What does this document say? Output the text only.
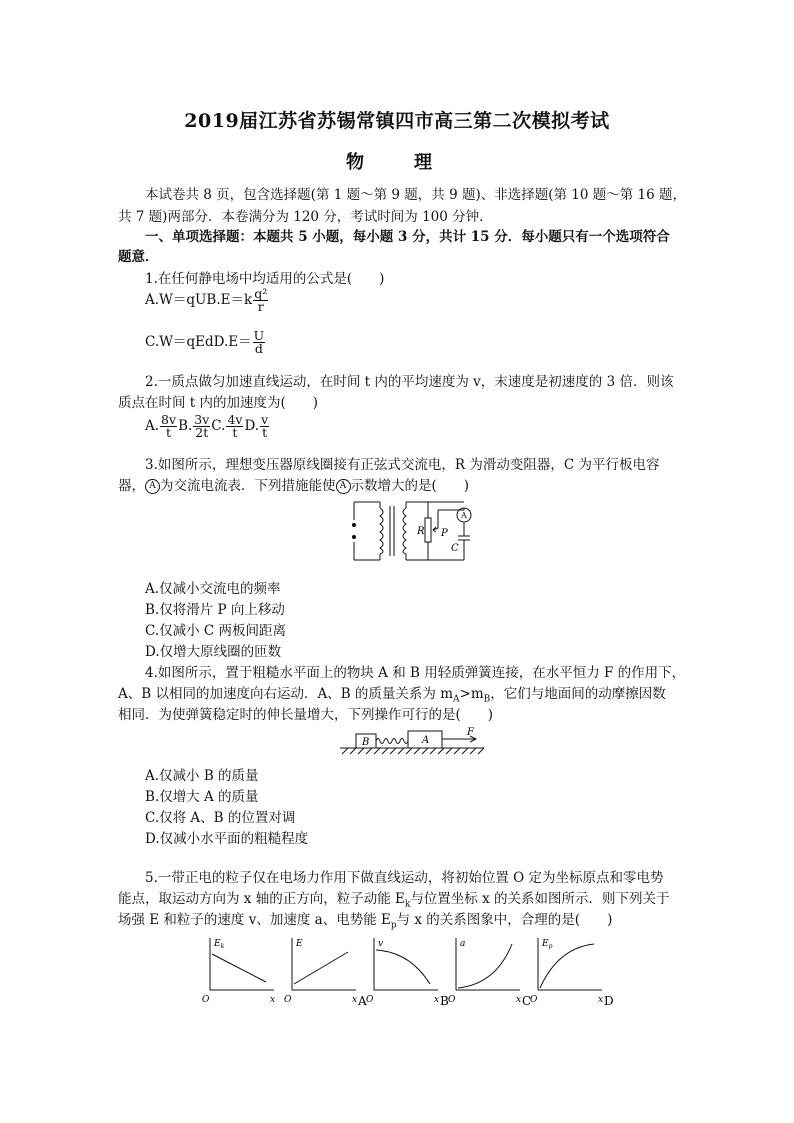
2019届江苏省苏锡常镇四市高三第二次模拟考试
物　理
本试卷共 8 页，包含选择题(第 1 题～第 9 题，共 9 题)、非选择题(第 10 题～第 16 题，
共 7 题)两部分．本卷满分为 120 分，考试时间为 100 分钟．
一、单项选择题：本题共 5 小题，每小题 3 分，共计 15 分．每小题只有一个选项符合
题意．
1.在任何静电场中均适用的公式是(　　)
$A.W=qUB.E=k \frac{\text{q²}}{r}$
C.W＝qEdD.E＝ $\frac{U}{d}$
2.一质点做匀加速直线运动，在时间 t 内的平均速度为 v，末速度是初速度的 3 倍．则该
质点在时间 t 内的加速度为(　　)
A. $\frac{8v}{t} B$. $\frac{3v}{2t} C$. $\frac{4v}{t} D$. $\frac{v}{t}$
3.如图所示，理想变压器原线圈接有正弦式交流电，R 为滑动变阻器，C 为平行板电容
器， A 为交流电流表．下列措施能使 A 示数增大的是(　　)
R P
C
A
A.仅减小交流电的频率
B.仅将滑片 P 向上移动
C.仅减小 C 两板间距离
D.仅增大原线圈的匝数
4.如图所示，置于粗糙水平面上的物块 A 和 B 用轻质弹簧连接，在水平恒力 F 的作用下，
A、B 以相同的加速度向右运动．A、B 的质量关系为 $m_A>m_B$，它们与地面间的动摩擦因数
相同．为使弹簧稳定时的伸长量增大，下列操作可行的是(　　)
B	A
F
A.仅减小 B 的质量
B.仅增大 A 的质量
C.仅将 A、B 的位置对调
D.仅减小水平面的粗糙程度
5.一带正电的粒子仅在电场力作用下做直线运动，将初始位置 O 定为坐标原点和零电势
能点，取运动方向为 x 轴的正方向，粒子动能 $E_k$与位置坐标 x 的关系如图所示．则下列关于
场强 E 和粒子的速度 v、加速度 a、电势能 $E_p$与 x 的关系图象中，合理的是(　　)
$E_k$
O	x
E
O	x A
v
O	x B
a
O	x C
$E_p$
O	x D
